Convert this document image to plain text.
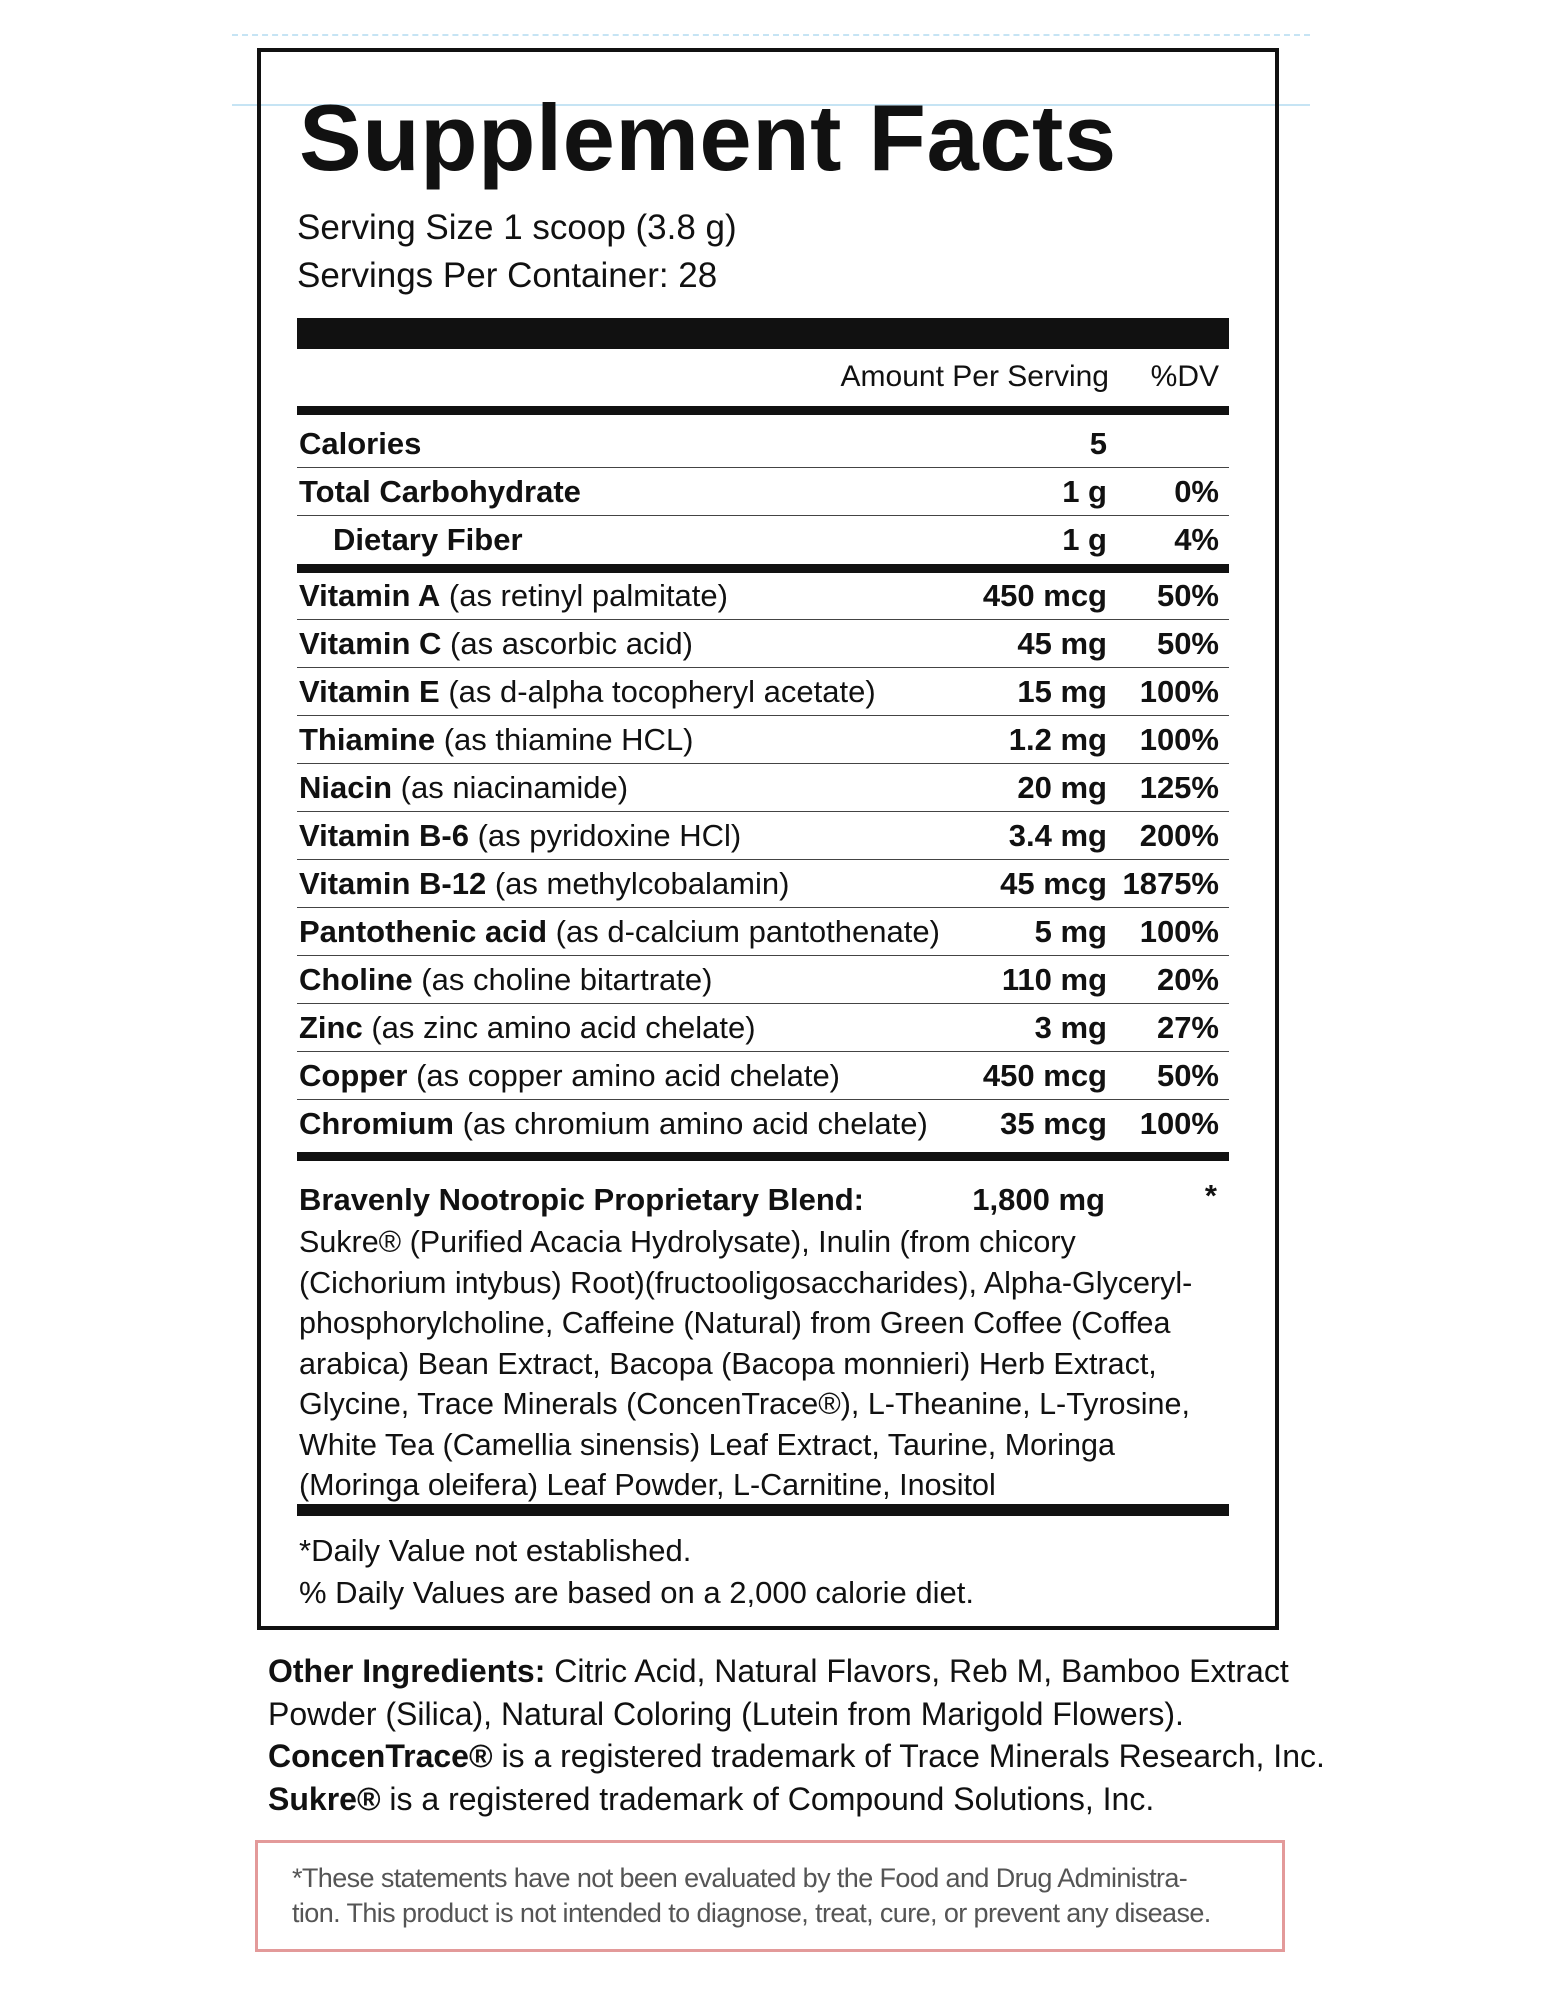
Supplement Facts
Serving Size 1 scoop (3.8 g)
Servings Per Container: 28
Amount Per Serving %DV
Calories	5
Total Carbohydrate	1 g 0%
Dietary Fiber	1 g 4%
Vitamin A (as retinyl palmitate)	450 mcg 50%
Vitamin C (as ascorbic acid)	45 mg 50%
Vitamin E (as d-alpha tocopheryl acetate)	15 mg 100%
Thiamine (as thiamine HCL)	1.2 mg 100%
Niacin (as niacinamide)	20 mg 125%
Vitamin B-6 (as pyridoxine HCl)	3.4 mg 200%
Vitamin B-12 (as methylcobalamin)	45 mcg 1875%
Pantothenic acid (as d-calcium pantothenate)	5 mg 100%
Choline (as choline bitartrate)	110 mg 20%
Zinc (as zinc amino acid chelate)	3 mg 27%
Copper (as copper amino acid chelate)	450 mcg 50%
Chromium (as chromium amino acid chelate) 35 mcg 100%
Bravenly Nootropic Proprietary Blend:	1,800 mg	*
Sukre® (Purified Acacia Hydrolysate), Inulin (from chicory
(Cichorium intybus) Root)(fructooligosaccharides), Alpha-Glyceryl-
phosphorylcholine, Caffeine (Natural) from Green Coffee (Coffea
arabica) Bean Extract, Bacopa (Bacopa monnieri) Herb Extract,
Glycine, Trace Minerals (ConcenTrace®), L-Theanine, L-Tyrosine,
White Tea (Camellia sinensis) Leaf Extract, Taurine, Moringa
(Moringa oleifera) Leaf Powder, L-Carnitine, Inositol
*Daily Value not established.
% Daily Values are based on a 2,000 calorie diet.
Other Ingredients: Citric Acid, Natural Flavors, Reb M, Bamboo Extract
Powder (Silica), Natural Coloring (Lutein from Marigold Flowers).
ConcenTrace® is a registered trademark of Trace Minerals Research, Inc.
Sukre® is a registered trademark of Compound Solutions, Inc.
*These statements have not been evaluated by the Food and Drug Administra-
tion. This product is not intended to diagnose, treat, cure, or prevent any disease.
